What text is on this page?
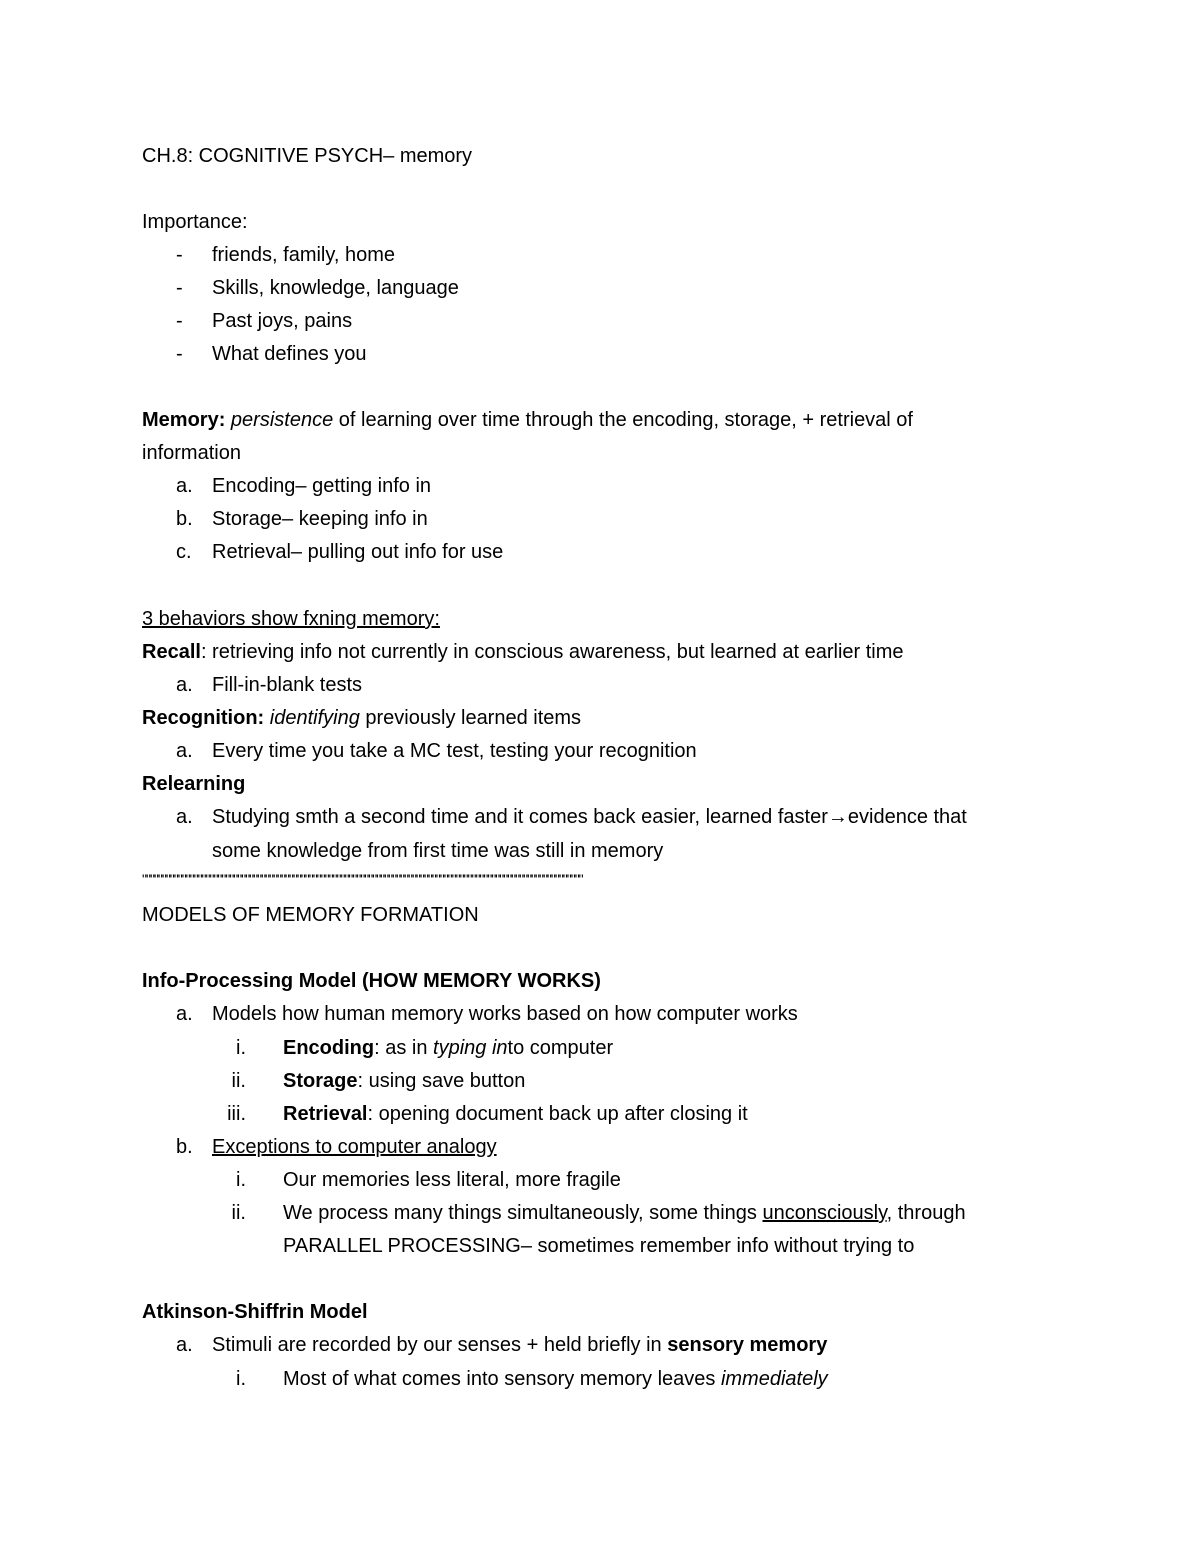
CH.8: COGNITIVE PSYCH– memory
Importance:
- friends, family, home
- Skills, knowledge, language
- Past joys, pains
- What defines you
Memory: persistence of learning over time through the encoding, storage, + retrieval of
information
a. Encoding– getting info in
b. Storage– keeping info in
c. Retrieval– pulling out info for use
3 behaviors show fxning memory:
Recall: retrieving info not currently in conscious awareness, but learned at earlier time
a. Fill-in-blank tests
Recognition: identifying previously learned items
a. Every time you take a MC test, testing your recognition
Relearning
a. Studying smth a second time and it comes back easier, learned faster→evidence that
some knowledge from first time was still in memory
"""""""""""""""""""""""""""""""""""""""""""""""""""""""""""""""""""""""""""""""""""""""""""""""""""""""""""""""
MODELS OF MEMORY FORMATION
Info-Processing Model (HOW MEMORY WORKS)
a. Models how human memory works based on how computer works
i. Encoding: as in typing into computer
ii. Storage: using save button
iii. Retrieval: opening document back up after closing it
b. Exceptions to computer analogy
i. Our memories less literal, more fragile
ii. We process many things simultaneously, some things unconsciously, through
PARALLEL PROCESSING– sometimes remember info without trying to
Atkinson-Shiffrin Model
a. Stimuli are recorded by our senses + held briefly in sensory memory
i. Most of what comes into sensory memory leaves immediately
